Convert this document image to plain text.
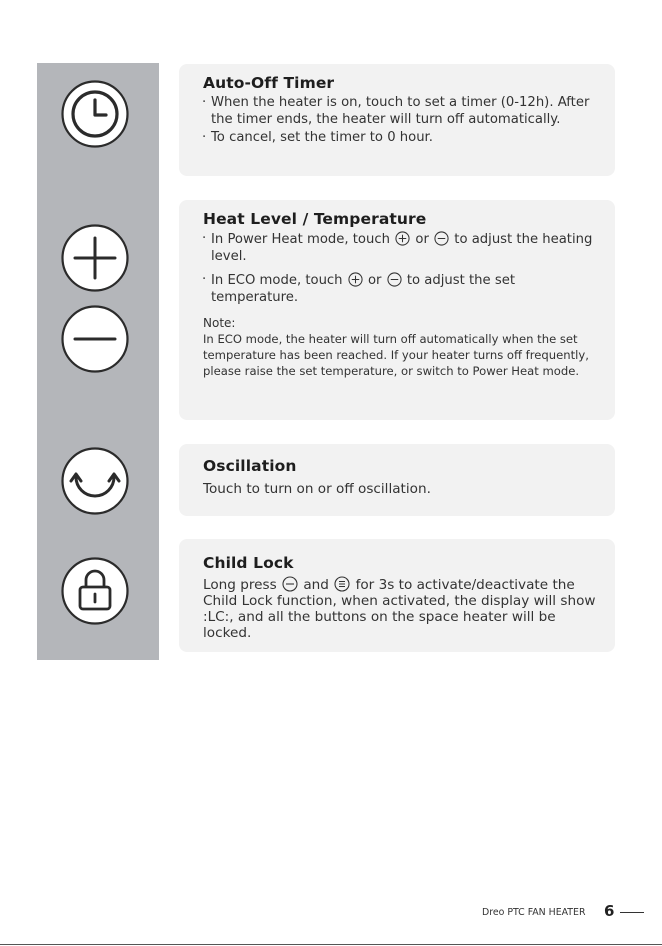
Auto-Off Timer
· When the heater is on, touch to set a timer (0-12h). After the timer ends, the heater will turn off automatically.
· To cancel, set the timer to 0 hour.
Heat Level / Temperature
· In Power Heat mode, touch or to adjust the heating level.
· In ECO mode, touch or to adjust the set temperature.
Note:
In ECO mode, the heater will turn off automatically when the set temperature has been reached. If your heater turns off frequently, please raise the set temperature, or switch to Power Heat mode.
Oscillation
Touch to turn on or off oscillation.
Child Lock
Long press and for 3s to activate/deactivate the Child Lock function, when activated, the display will show :LC:, and all the buttons on the space heater will be locked.
Dreo PTC FAN HEATER 6
